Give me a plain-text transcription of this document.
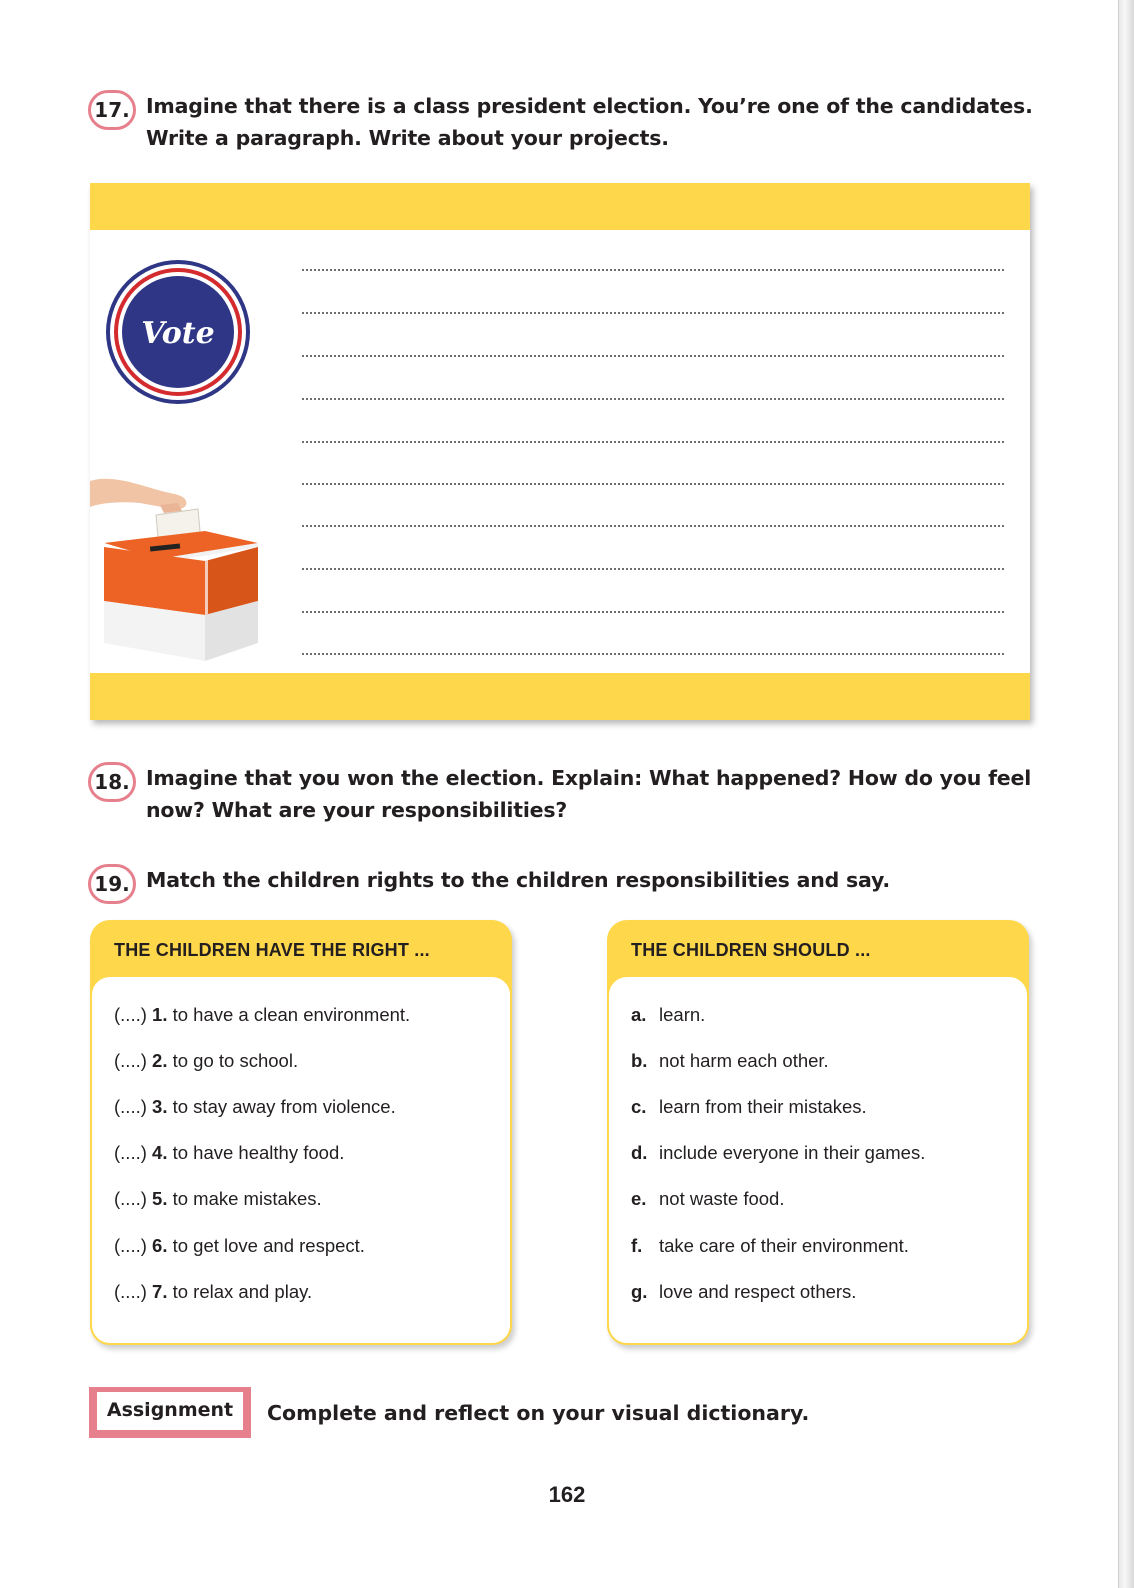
17. Imagine that there is a class president election. You’re one of the candidates. Write a paragraph. Write about your projects.
Vote
18. Imagine that you won the election. Explain: What happened? How do you feel now? What are your responsibilities?
19. Match the children rights to the children responsibilities and say.
THE CHILDREN HAVE THE RIGHT ...
(....) 1. to have a clean environment.
(....) 2. to go to school.
(....) 3. to stay away from violence.
(....) 4. to have healthy food.
(....) 5. to make mistakes.
(....) 6. to get love and respect.
(....) 7. to relax and play.
THE CHILDREN SHOULD ...
a. learn.
b. not harm each other.
c. learn from their mistakes.
d. include everyone in their games.
e. not waste food.
f. take care of their environment.
g. love and respect others.
Assignment	Complete and reflect on your visual dictionary.
162
